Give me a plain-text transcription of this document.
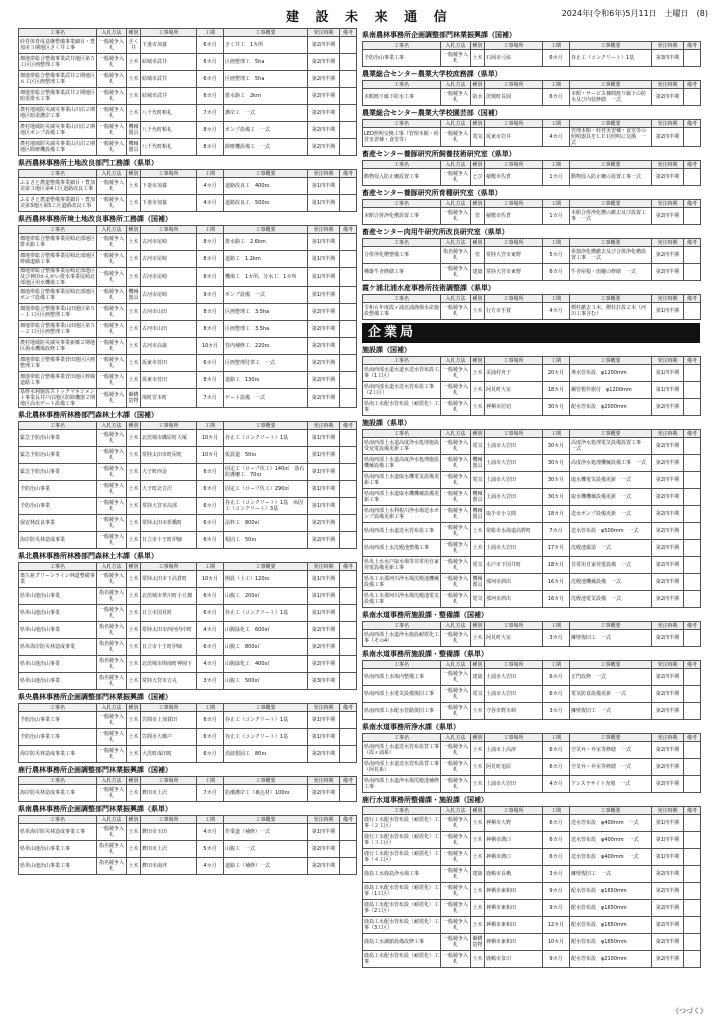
建 設 未 来 通 信	2024年(令和6年)5月11日　土曜日　(8)
工事名	入札方法	種別	工事場所	工期	工事概要	発注時期	備考
経営体育成基盤整備事業細目・豊加美３期地区さく井工事	一般競争入札	さく井	下妻市加養	6カ月	さく井工　1カ所	第2四半期	
畑地帯総合整備事業武井地区第５工区区画整理工事	一般競争入札	土木	結城市武井	6カ月	区画整理工　5ha	第2四半期	
畑地帯総合整備事業武井２期地区６工区区画整理工事	一般競争入札	土木	結城市武井	6カ月	区画整理工　5ha	第2四半期	
畑地帯総合整備事業武井２期地区暗渠排水工事	一般競争入札	土木	結城市武井	6カ月	排水路工　2km	第2四半期	
農村地域防災減災事業山川沼２期地区暗渠護岸工事	一般競争入札	土木	八千代町粕礼	7カ月	護岸工　一式	第2四半期	
農村地域防災減災事業山川沼２期地区ポンプ設備工事	一般競争入札	機械器具	八千代町粕礼	8カ月	ポンプ設備工　一式	第2四半期	
農村地域防災減災事業山川沼２期地区除塵機設備工事	一般競争入札	機械器具	八千代町粕礼	8カ月	除塵機設備工　一式	第2四半期	
県西農林事務所土地改良部門工務課（県単）
工事名	入札方法	種別	工事場所	工期	工事概要	発注時期	備考
ふるさと農道整備事業細目・豊加美第３地区第4工区道路改良工事	一般競争入札	土木	下妻市加養	4カ月	道路改良工　400ｍ	第1四半期	
ふるさと農道整備事業細目・豊加美第3地区第5工区道路改良工事	一般競争入札	土木	下妻市加養	4カ月	道路改良工　500ｍ	第1四半期	
県西農林事務所境土地改良事務所工務課（国補）
工事名	入札方法	種別	工事場所	工期	工事概要	発注時期	備考
畑地帯総合整備事業尾崎北部地区排水路工事	一般競争入札	土木	古河市尾崎	8カ月	排水路工　2.6km	第1四半期	
畑地帯総合整備事業尾崎北部地区幹線道路工事	一般競争入札	土木	古河市尾崎	8カ月	道路工　1.2km	第1四半期	
畑地帯総合整備事業尾崎北部地区及び神田かんがい排水事業尾崎北部地区用水機場工事	一般競争入札	土木	古河市尾崎	8カ月	機場工　1カ所、分水工　1カ所	第1四半期	
畑地帯総合整備事業尾崎北部地区ポンプ設備工事	一般競争入札	機械器具	古河市尾崎	9カ月	ポンプ設備　一式	第1四半期	
畑地帯総合整備事業山田地区第５－１工区区画整理工事	一般競争入札	土木	古河市山田	8カ月	区画整理工　3.5ha	第2四半期	
畑地帯総合整備事業山田地区第５－２工区区画整理工事	一般競争入札	土木	古河市山田	8カ月	区画整理工　3.5ha	第2四半期	
農村地域防災減災事業新郷２期地区揚水機場改修工事	一般競争入札	土木	古河市高築	10カ月	管内補修工　220ｍ	第2四半期	
畑地帯総合整備事業菅田地区区画整理工事	一般競争入札	土木	坂東市菅田	6カ月	区画整理付帯工　一式	第2四半期	
畑地帯総合整備事業菅田地区幹線道路工事	一般競争入札	土木	坂東市菅田	8カ月	道路工　130ｍ	第2四半期	
基幹水利施設ストックマネジメント事業長井戸沼地区防除機器２期地区高水ゲート設備工事	一般競争入札	鋼構造物	境町宮本町	7カ月	ゲート設備　一式	第2四半期	
県北農林事務所林務部門森林土木課（国補）
工事名	入札方法	種別	工事場所	工期	工事概要	発注時期	備考
緊急予防治山事業	一般競争入札	土木	北茨城市磯原町大塚	10カ月	谷止工（コンクリート）1基	第1四半期	
緊急予防治山事業	一般競争入札	土木	常陸太田市町屋町	10カ月	仮設道　50ｍ	第1四半期	
緊急予防治山事業	一般競争入札	土木	大子町西金	6カ月	固定工（ロープ伏工）140㎡　落石防護柵工　70ｍ	第1四半期	
予防治山事業	一般競争入札	土木	大子町北吉沢	6カ月	固定工（ロープ伏工）290㎡	第1四半期	
予防治山事業	一般競争入札	土木	常陸大宮市高部	6カ月	谷止工（コンクリート）1基　床固工（コンクリート）3基	第1四半期	
保安林改良事業	一般競争入札	土木	常陸太田市折橋町	6カ月	法枠工　800㎡	第2四半期	
海岸防災林造成事業	一般競争入札	土木	日立市十王町伊師	6カ月	根固工　50ｍ	第2四半期	
県北農林事務所林務部門森林土木課（県単）
工事名	入札方法	種別	工事場所	工期	工事概要	発注時期	備考
奥久慈グリーンライン林道整備事業	一般競争入札	土木	常陸太田市下高倉町	10カ月	開設（土工）120ｍ	第1四半期	
県単山地治山事業	指名競争入札	土木	北茨城市華川町小豆畑	6カ月	山腹工　200㎡	第1四半期	
県単山地治山事業	一般競争入札	土木	日立市国見町	6カ月	谷止工（コンクリート）1基	第1四半期	
県単山地治山事業	指名競争入札	土木	常陸太田市西河内中町	4カ月	山腹緑化工　600㎡	第2四半期	
県単海岸防災林造成事業	指名競争入札	土木	日立市十王町伊師	6カ月	山腹工　800㎡	第2四半期	
県単山地治山事業	指名競争入札	土木	北茨城市関南町神岡下	4カ月	山腹緑化工　400㎡	第2四半期	
県単山地治山事業	指名競争入札	土木	常陸大宮市吉丸	3カ月	山腹工　500㎡	第3四半期	
県央農林事務所企画調整部門林業振興課（国補）
工事名	入札方法	種別	工事場所	工期	工事概要	発注時期	備考
予防治山事業工事	一般競争入札	土木	笠間市上加賀田	6カ月	谷止工（コンクリート）1基	第1四半期	
予防治山事業工事	一般競争入札	土木	笠間市大郷戸	6カ月	谷止工（コンクリート）1基	第1四半期	
海岸防災林造成事業工事	一般競争入札	土木	大洗町成田町	6カ月	消波根固工　80ｍ	第2四半期	
鹿行農林事務所企画調整部門林業振興課（国補）
工事名	入札方法	種別	工事場所	工期	工事概要	発注時期	備考
海岸防災林造成事業工事	一般競争入札	土木	鉾田市上沢	7カ月	防潮護岸工（裏込材）100ｍ	第2四半期	
県南農林事務所企画調整部門林業振興課（県単）
工事名	入札方法	種別	工事場所	工期	工事概要	発注時期	備考
県単海岸防災林造成事業工事	一般競争入札	土木	鉾田市玉田	4カ月	作業道（補修）一式	第1四半期	
県単山地治山事業工事	指名競争入札	土木	鉾田市上沢	5カ月	山腹工　一式	第2四半期	
県単山地治山事業工事	指名競争入札	土木	鉾田市湯坪	4カ月	道路工（補修）一式	第2四半期	
県南農林事務所企画調整部門林業振興課（国補）
工事名	入札方法	種別	工事場所	工期	工事概要	発注時期	備考
予防治山事業工事	一般競争入札	土木	石岡市弓弦	6カ月	谷止工（コンクリート）1基	第3四半期	
農業総合センター農業大学校庶務課（県単）
工事名	入札方法	種別	工事場所	工期	工事概要	発注時期	備考
本館渡り廊下防水工事	一般競争入札	防水	茨城町長岡	6カ月	本館・サービス棟間渡り廊下の防水及び内装修繕　一式	第2四半期	
農業総合センター農業大学校園芸部（国補）
工事名	入札方法	種別	工事場所	工期	工事概要	発注時期	備考
LED照明交換工事（管理本館・経営実習棟・食堂等）	一般競争入札	電気	坂東市岩井	4カ月	管理本館・経営実習棟・食堂等の照明器具をＬＥＤ照明に交換　一式	第2四半期	
畜産センター養豚研究所飼養技術研究室（県単）
工事名	入札方法	種別	工事場所	工期	工事概要	発注時期	備考
動物侵入防止柵設置工事	一般競争入札	とび	稲敷市佐倉	1カ月	動物侵入防止柵の設置工事一式	第2四半期	
畜産センター養豚研究所育種研究室（県単）
工事名	入札方法	種別	工事場所	工期	工事概要	発注時期	備考
本館合併浄化槽設置工事	一般競争入札	管	稲敷市佐倉	1カ月	本館合併浄化槽の撤去及び設置工事　一式	第2四半期	
畜産センター肉用牛研究所改良研究室（県単）
工事名	入札方法	種別	工事場所	工期	工事概要	発注時期	備考
合併浄化槽整備工事	指名競争入札	管	常陸大宮市東野	5カ月	単独浄化槽撤去及び合併浄化槽設置工事　一式	第2四半期	
種雄牛舎修繕工事	一般競争入札	建築	常陸大宮市東野	6カ月	牛舎屋根・雨樋の修繕　一式	第2四半期	
霞ケ浦北浦水産事務所技術調整課（県単）
工事名	入札方法	種別	工事場所	工期	工事概要	発注時期	備考
令和６年度霞ヶ浦北浦漁場水産施設整備工事	一般競争入札	土木	行方市手賀	4カ月	標柱撤去３本、標柱打設２本（河川工事含む）	第1四半期	
企業局
施設課（国補）
工事名	入札方法	種別	工事場所	工期	工事概要	発注時期	備考
県南西部水道水道水送水管布設工事（1工区）	一般競争入札	土木	美浦村舟子	20カ月	導水管布設　φ1200mm	第1四半期	
県南西部水道水送水管布設工事（2工区）	一般競争入札	土木	阿見町大室	18カ月	鋼管製作据付　φ1200mm	第1四半期	
県南工水配水管布設（耐震化）工事	一般競争入札	土木	神栖市居切	30カ月	配水管布設　φ2000mm	第2四半期	
施設課（県単）
工事名	入札方法	種別	工事場所	工期	工事概要	発注時期	備考
県南西部上水道高度浄水処理施設受変電設備更新工事	一般競争入札	電気	土浦市大岩田	30カ月	高度浄水処理電気設備設置工事　一式	第2四半期	
県南西部上水道高度浄水処理施設機械設備工事	一般競争入札	機械器具	土浦市大岩田	30カ月	高度浄水処理機械設備工事　一式	第2四半期	
県南西部上水道取水機電気設備更新工事	一般競争入札	電気	土浦市大岩田	30カ月	取水機電気設備更新　一式	第2四半期	
県南西部上水道取水機機械設備更新工事	一般競争入札	機械器具	土浦市大岩田	30カ月	取水機機械設備更新　一式	第2四半期	
県南西部上水利根川浄水場送水ポンプ設備更新工事	一般競争入札	機械器具	取手市小文間	18カ月	送水ポンプ設備更新　一式	第2四半期	
県南西部上水道送水管布設工事	一般競争入札	土木	常総市水海道高野町	7カ月	送水管布設　φ500mm　一式	第2四半期	
県南西部上水沈殿池整備工事	一般競争入札	土木	土浦市大岩田	17カ月	沈殿池築造　一式	第2四半期	
県央上水水戸取水場等非常用自家発電設備更新工事	一般競争入札	電気	水戸市下国井町	18カ月	非常用自家発電設備　一式	第2四半期	
県央工水那珂川浄水場沈殿池機械設備工事	一般競争入札	機械器具	那珂市酒出	16カ月	沈殿池機械設備　一式	第2四半期	
県央工水那珂川浄水場沈殿池電気設備工事	一般競争入札	電気	那珂市酒出	16カ月	沈殿池電気設備　一式	第2四半期	
県南水道事務所施設課・整備課（国補）
工事名	入札方法	種別	工事場所	工期	工事概要	発注時期	備考
県南西部上水道浄水施設耐震化工事（その4）	一般競争入札	土木	阿見町大室	3カ月	擁壁復旧工　一式	第2四半期	
県南水道事務所施設課・整備課（県単）
工事名	入札方法	種別	工事場所	工期	工事概要	発注時期	備考
県南西部上水場内整備工事	一般競争入札	建築	土浦市大岩田	6カ月	正門改修　一式	第2四半期	
県南西部上水電気設備復旧工事	一般競争入札	電気	土浦市大岩田	6カ月	電気防食設備更新　一式	第2四半期	
県南西部工水配水管路復旧工事	一般競争入札	土木	守谷市野木崎	3カ月	擁壁復旧工　一式	第2四半期	
県南水道事務所浄水課（県単）
工事名	入札方法	種別	工事場所	工期	工事概要	発注時期	備考
県南西部上水道送水管布設替工事（霞ヶ浦系）	一般競争入札	土木	土浦市上高津	6カ月	空気弁・弁室等修繕　一式	第2四半期	
県南西部上水道送水管布設替工事（阿見系）	一般競争入札	土木	阿見町追原	6カ月	空気弁・弁室等修繕　一式	第2四半期	
県南西部上水道浄水場沈殿池補修工事	一般競争入札	土木	土浦市大岩田	4カ月	アンスラサイト充填　一式	第2四半期	
鹿行水道事務所整備課・施設課（国補）
工事名	入札方法	種別	工事場所	工期	工事概要	発注時期	備考
鹿行工水配水管布設（耐震化）工事（２工区）	一般競争入札	土木	神栖市大野	6カ月	送水管布設　φ400mm　一式	第1四半期	
鹿行工水配水管布設（耐震化）工事（３工区）	一般競争入札	土木	神栖市溝口	6カ月	送水管布設　φ400mm　一式	第1四半期	
鹿行工水配水管布設（耐震化）工事（４工区）	一般競争入札	土木	神栖市溝口	6カ月	送水管布設　φ400mm　一式	第1四半期	
鹿島工水鹿島浄水場工事	一般競争入札	建築	鹿嶋市長栖	3カ月	擁壁復旧工　一式	第2四半期	
鹿島工水配水管布設（耐震化）工事（1工区）	一般競争入札	土木	神栖市東和田	9カ月	配水管布設　φ1650mm	第2四半期	
鹿島工水配水管布設（耐震化）工事（2工区）	一般競争入札	土木	神栖市東和田	9カ月	配水管布設　φ1650mm	第2四半期	
鹿島工水配水管布設（耐震化）工事（3工区）	一般競争入札	土木	神栖市東和田	12カ月	配水管布設　φ1650mm	第2四半期	
鹿島工水調節設備改修工事	一般競争入札	鋼構造物	神栖市東和田	10カ月	配水管布設　φ1650mm	第2四半期	
鹿島工水配水管布設（耐震化）工事	一般競争入札	土木	鹿嶋市泉川	9カ月	配水管布設　φ2100mm	第2四半期	
《つづく》
